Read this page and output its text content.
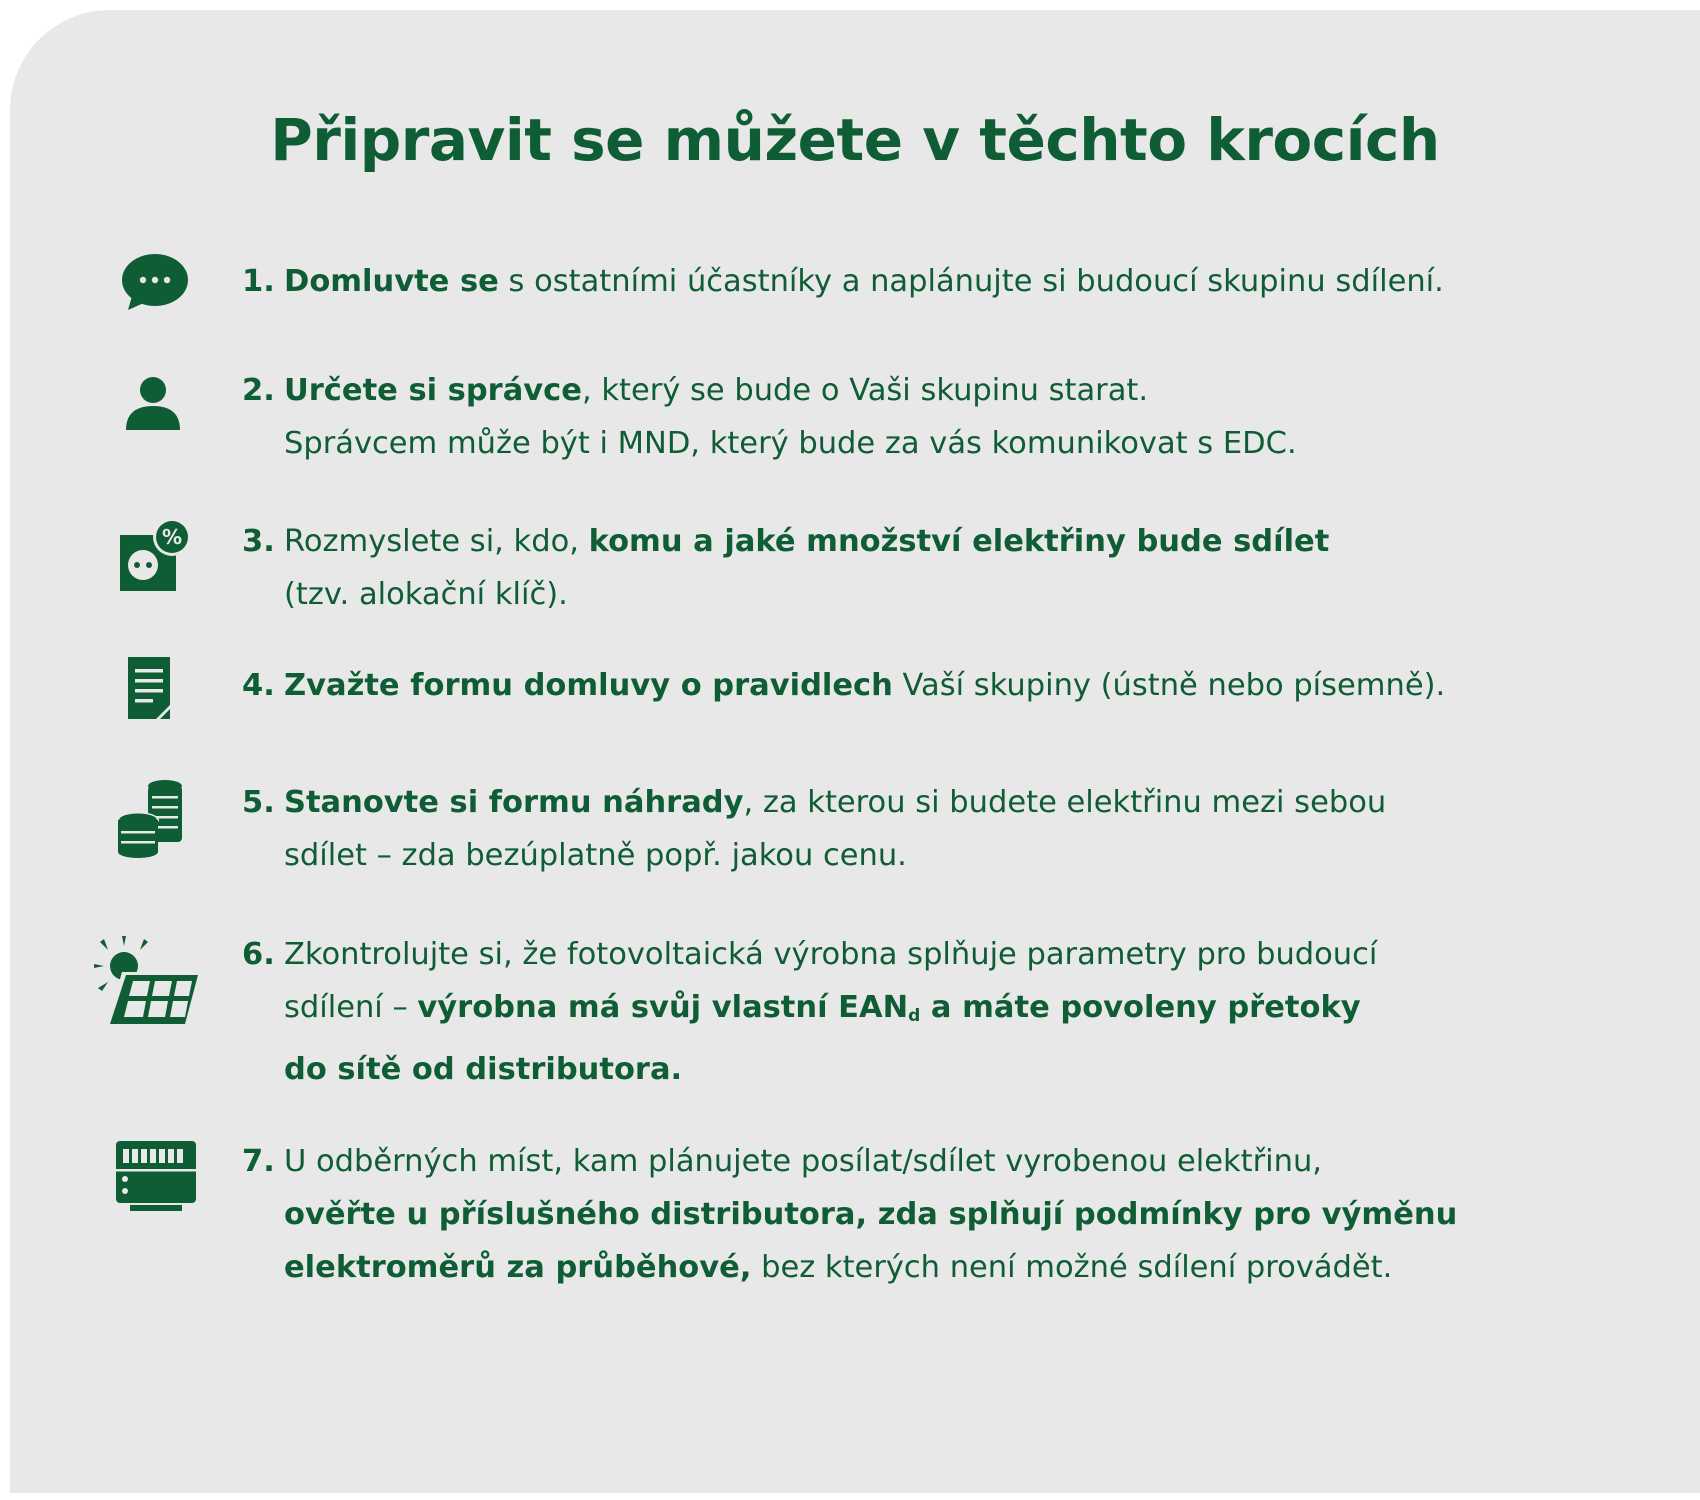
Připravit se můžete v těchto krocích
1. Domluvte se s ostatními účastníky a naplánujte si budoucí skupinu sdílení.
2. Určete si správce, který se bude o Vaši skupinu starat.
Správcem může být i MND, který bude za vás komunikovat s EDC.
% 3. Rozmyslete si, kdo, komu a jaké množství elektřiny bude sdílet
(tzv. alokační klíč).
4. Zvažte formu domluvy o pravidlech Vaší skupiny (ústně nebo písemně).
5. Stanovte si formu náhrady, za kterou si budete elektřinu mezi sebou
sdílet – zda bezúplatně popř. jakou cenu.
6. Zkontrolujte si, že fotovoltaická výrobna splňuje parametry pro budoucí
sdílení – výrobna má svůj vlastní $EAN_d$ a máte povoleny přetoky
do sítě od distributora.
7. U odběrných míst, kam plánujete posílat/sdílet vyrobenou elektřinu,
ověřte u příslušného distributora, zda splňují podmínky pro výměnu
elektroměrů za průběhové, bez kterých není možné sdílení provádět.
